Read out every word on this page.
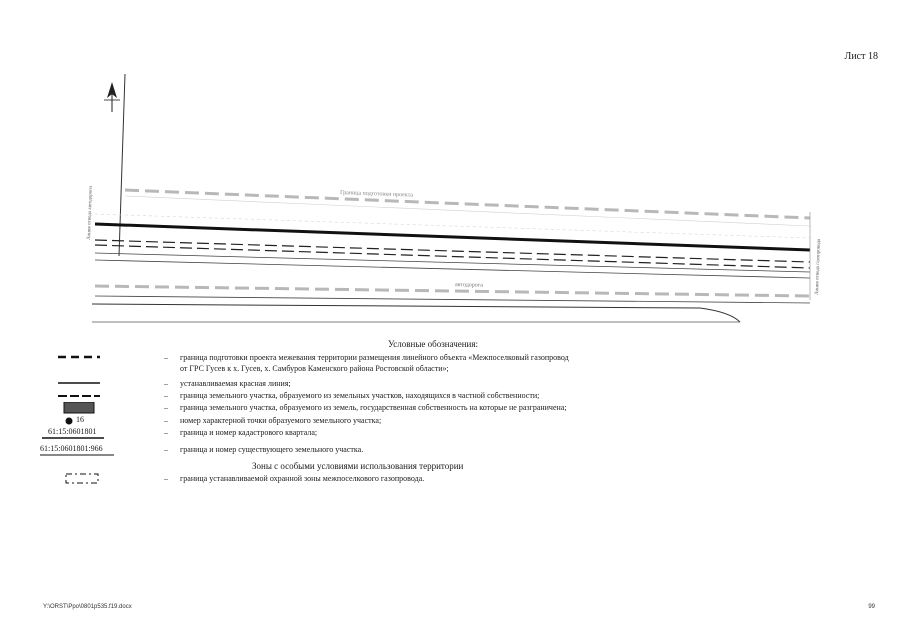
Лист 18
Граница подготовки проекта
автодорога
Линия отвода автодороги
Линия отвода газопровода
Условные обозначения:
– граница подготовки проекта межевания территории размещения линейного объекта «Межпоселковый газопровод
от ГРС Гусев к х. Гусев, х. Самбуров Каменского района Ростовской области»;
– устанавливаемая красная линия;
– граница земельного участка, образуемого из земельных участков, находящихся в частной собственности;
– граница земельного участка, образуемого из земель, государственная собственность на которые не разграничена;
16	– номер характерной точки образуемого земельного участка;
61:15:0601801	– граница и номер кадастрового квартала;
61:15:0601801:966	– граница и номер существующего земельного участка.
Зоны с особыми условиями использования территории
– граница устанавливаемой охранной зоны межпоселкового газопровода.
Y:\ORST\Ppo\0801p535.f19.docx	99
